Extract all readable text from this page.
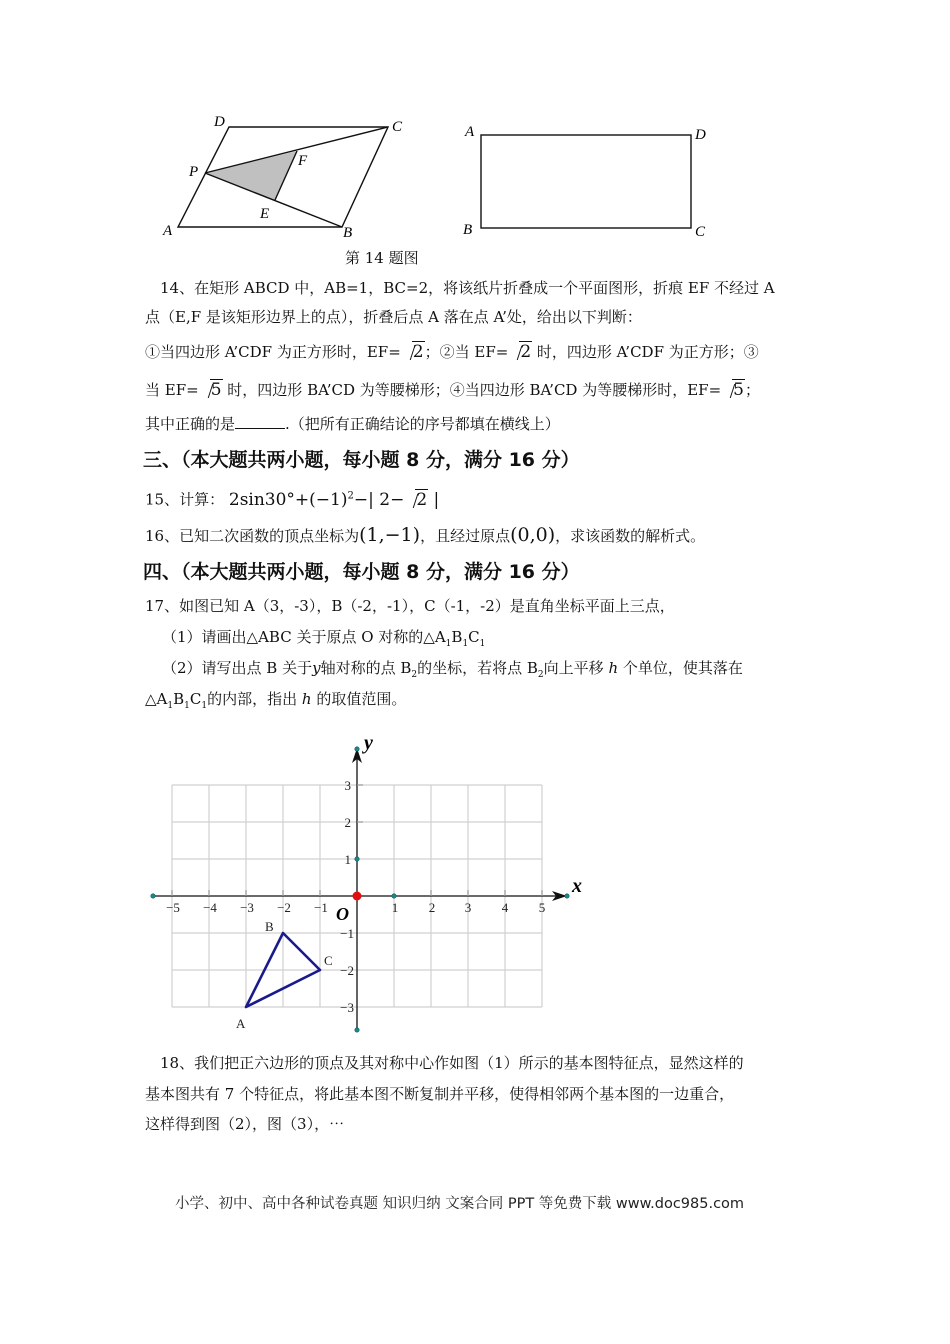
D	C
P
F
E
A	B
A	D
B	C
第 14 题图
14、在矩形 ABCD 中，AB=1，BC=2，将该纸片折叠成一个平面图形，折痕 EF 不经过 A
点（E,F 是该矩形边界上的点），折叠后点 A 落在点 A’处，给出以下判断：
①当四边形 A’CDF 为正方形时，EF= 2；②当 EF= 2 时，四边形 A’CDF 为正方形；③
当 EF= 5 时，四边形 BA’CD 为等腰梯形；④当四边形 BA’CD 为等腰梯形时，EF= 5；
其中正确的是	.（把所有正确结论的序号都填在横线上）
三、（本大题共两小题，每小题 8 分，满分 16 分）
15、计算： $2\sin 30^\circ+(-1)^2-|$ 2− 2 |
16、已知二次函数的顶点坐标为(1,−1)，且经过原点(0,0)，求该函数的解析式。
四、（本大题共两小题，每小题 8 分，满分 16 分）
17、如图已知 A（3，-3），B（-2，-1），C（-1，-2）是直角坐标平面上三点，
（1）请画出△ABC 关于原点 O 对称的$\triangle A_1B_1C_1$
（2）请写出点 B 关于y轴对称的点 $B_2$的坐标，若将点 $B_2$向上平移 h 个单位，使其落在
$\triangle A_1B_1C_1$的内部，指出 h 的取值范围。
−5 −4 −3 −2 −1	1 2 3 4 5
3
2
1
−1
−2
−3
x
y
O
A
B
C
18、我们把正六边形的顶点及其对称中心作如图（1）所示的基本图特征点，显然这样的
基本图共有 7 个特征点，将此基本图不断复制并平移，使得相邻两个基本图的一边重合，
这样得到图（2），图（3），⋯
小学、初中、高中各种试卷真题 知识归纳 文案合同 PPT 等免费下载 www.doc985.com
